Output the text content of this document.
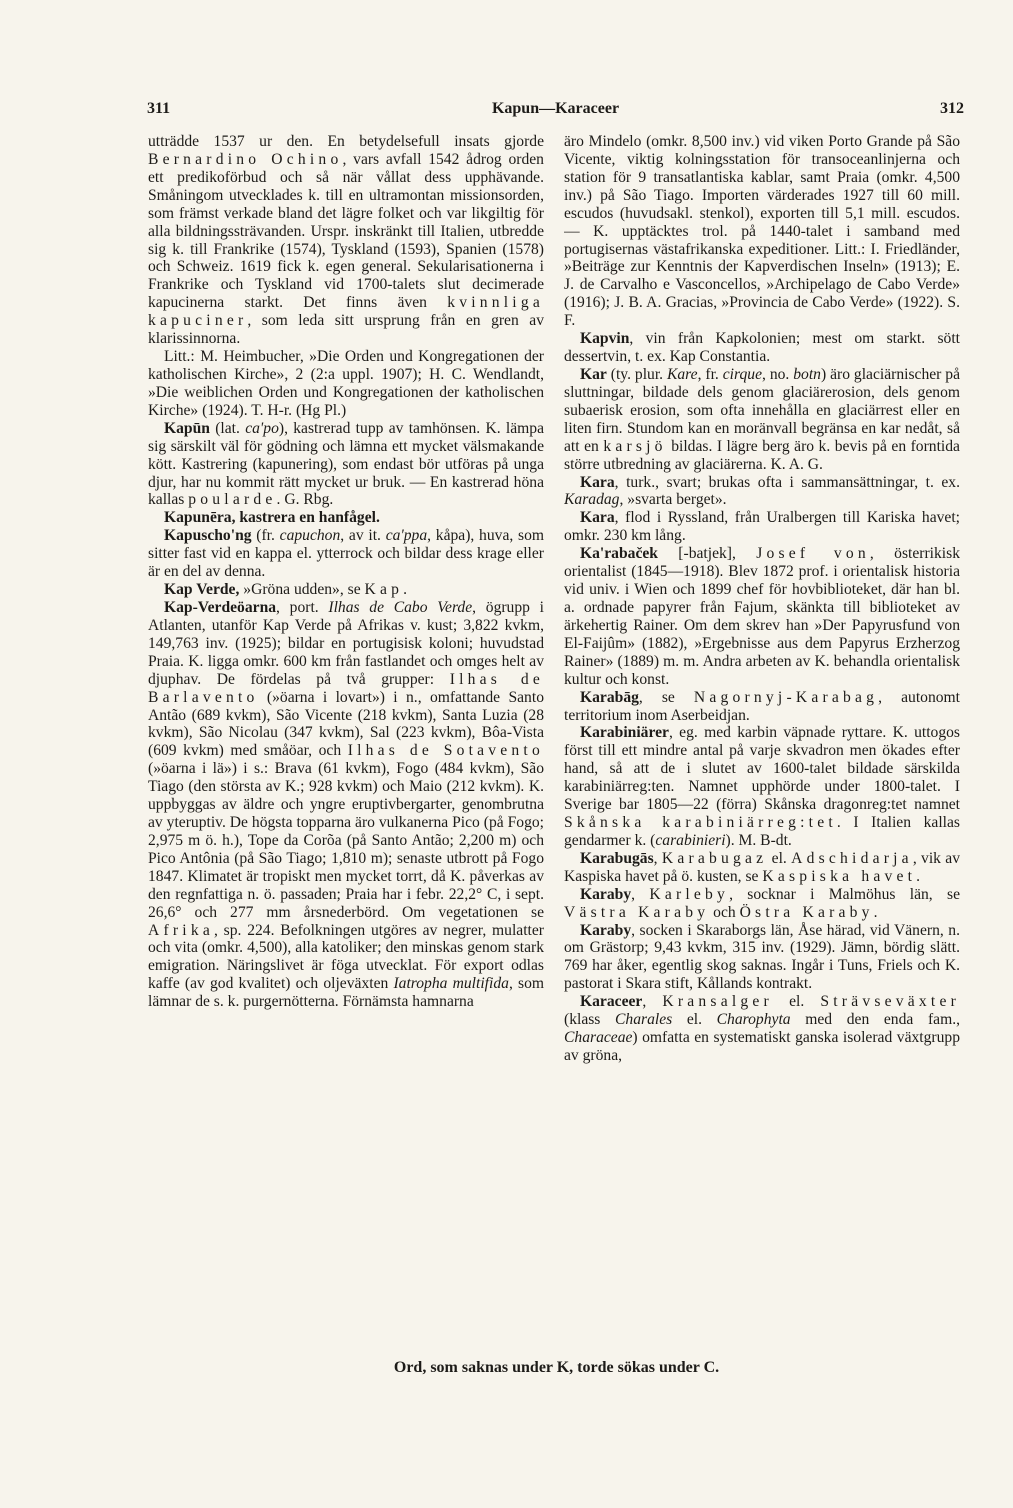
311	Kapun—Karaceer	312

utträdde 1537 ur den. En betydelsefull insats gjorde Bernardino Ochino, vars avfall 1542 ådrog orden ett predikoförbud och så när vållat dess upphävande. Småningom utvecklades k. till en ultramontan missionsorden, som främst verkade bland det lägre folket och var likgiltig för alla bildningssträvanden. Urspr. inskränkt till Italien, utbredde sig k. till Frankrike (1574), Tyskland (1593), Spanien (1578) och Schweiz. 1619 fick k. egen general. Sekularisationerna i Frankrike och Tyskland vid 1700-talets slut decimerade kapucinerna starkt. Det finns även kvinnliga kapuciner, som leda sitt ursprung från en gren av klarissinnorna.

Litt.: M. Heimbucher, »Die Orden und Kongregationen der katholischen Kirche», 2 (2:a uppl. 1907); H. C. Wendlandt, »Die weiblichen Orden und Kongregationen der katholischen Kirche» (1924). T. H-r. (Hg Pl.)

Kapūn (lat. ca'po), kastrerad tupp av tamhönsen. K. lämpa sig särskilt väl för gödning och lämna ett mycket välsmakande kött. Kastrering (kapunering), som endast bör utföras på unga djur, har nu kommit rätt mycket ur bruk. — En kastrerad höna kallas poularde. G. Rbg.

Kapunēra, kastrera en hanfågel.

Kapuscho'ng (fr. capuchon, av it. ca'ppa, kåpa), huva, som sitter fast vid en kappa el. ytterrock och bildar dess krage eller är en del av denna.

Kap Verde, »Gröna udden», se Kap.

Kap-Verdeöarna, port. Ilhas de Cabo Verde, ögrupp i Atlanten, utanför Kap Verde på Afrikas v. kust; 3,822 kvkm, 149,763 inv. (1925); bildar en portugisisk koloni; huvudstad Praia. K. ligga omkr. 600 km från fastlandet och omges helt av djuphav. De fördelas på två grupper: Ilhas de Barlavento (»öarna i lovart») i n., omfattande Santo Antão (689 kvkm), São Vicente (218 kvkm), Santa Luzia (28 kvkm), São Nicolau (347 kvkm), Sal (223 kvkm), Bôa-Vista (609 kvkm) med småöar, och Ilhas de Sotavento (»öarna i lä») i s.: Brava (61 kvkm), Fogo (484 kvkm), São Tiago (den största av K.; 928 kvkm) och Maio (212 kvkm). K. uppbyggas av äldre och yngre eruptivbergarter, genombrutna av yteruptiv. De högsta topparna äro vulkanerna Pico (på Fogo; 2,975 m ö. h.), Tope da Corõa (på Santo Antão; 2,200 m) och Pico Antônia (på São Tiago; 1,810 m); senaste utbrott på Fogo 1847. Klimatet är tropiskt men mycket torrt, då K. påverkas av den regnfattiga n. ö. passaden; Praia har i febr. 22,2° C, i sept. 26,6° och 277 mm årsnederbörd. Om vegetationen se Afrika, sp. 224. Befolkningen utgöres av negrer, mulatter och vita (omkr. 4,500), alla katoliker; den minskas genom stark emigration. Näringslivet är föga utvecklat. För export odlas kaffe (av god kvalitet) och oljeväxten Iatropha multifida, som lämnar de s. k. purgernötterna. Förnämsta hamnarna

äro Mindelo (omkr. 8,500 inv.) vid viken Porto Grande på São Vicente, viktig kolningsstation för transoceanlinjerna och station för 9 transatlantiska kablar, samt Praia (omkr. 4,500 inv.) på São Tiago. Importen värderades 1927 till 60 mill. escudos (huvudsakl. stenkol), exporten till 5,1 mill. escudos. — K. upptäcktes trol. på 1440-talet i samband med portugisernas västafrikanska expeditioner. Litt.: I. Friedländer, »Beiträge zur Kenntnis der Kapverdischen Inseln» (1913); E. J. de Carvalho e Vasconcellos, »Archipelago de Cabo Verde» (1916); J. B. A. Gracias, »Provincia de Cabo Verde» (1922). S. F.

Kapvin, vin från Kapkolonien; mest om starkt. sött dessertvin, t. ex. Kap Constantia.

Kar (ty. plur. Kare, fr. cirque, no. botn) äro glaciärnischer på sluttningar, bildade dels genom glaciärerosion, dels genom subaerisk erosion, som ofta innehålla en glaciärrest eller en liten firn. Stundom kan en moränvall begränsa en kar nedåt, så att en karsjö bildas. I lägre berg äro k. bevis på en forntida större utbredning av glaciärerna. K. A. G.

Kara, turk., svart; brukas ofta i sammansättningar, t. ex. Karadag, »svarta berget».

Kara, flod i Ryssland, från Uralbergen till Kariska havet; omkr. 230 km lång.

Ka'rabaček [-batjek], Josef von, österrikisk orientalist (1845—1918). Blev 1872 prof. i orientalisk historia vid univ. i Wien och 1899 chef för hovbiblioteket, där han bl. a. ordnade papyrer från Fajum, skänkta till biblioteket av ärkehertig Rainer. Om dem skrev han »Der Papyrusfund von El-Faijûm» (1882), »Ergebnisse aus dem Papyrus Erzherzog Rainer» (1889) m. m. Andra arbeten av K. behandla orientalisk kultur och konst.

Karabāg, se Nagornyj-Karabag, autonomt territorium inom Aserbeidjan.

Karabiniärer, eg. med karbin väpnade ryttare. K. uttogos först till ett mindre antal på varje skvadron men ökades efter hand, så att de i slutet av 1600-talet bildade särskilda karabiniärreg:ten. Namnet upphörde under 1800-talet. I Sverige bar 1805—22 (förra) Skånska dragonreg:tet namnet Skånska karabiniärreg:tet. I Italien kallas gendarmer k. (carabinieri). M. B-dt.

Karabugās, Karabugaz el. Adschidarja, vik av Kaspiska havet på ö. kusten, se Kaspiska havet.

Karaby, Karleby, socknar i Malmöhus län, se Västra Karaby och Östra Karaby.

Karaby, socken i Skaraborgs län, Åse härad, vid Vänern, n. om Grästorp; 9,43 kvkm, 315 inv. (1929). Jämn, bördig slätt. 769 har åker, egentlig skog saknas. Ingår i Tuns, Friels och K. pastorat i Skara stift, Kållands kontrakt.

Karaceer, Kransalger el. Strävseväxter (klass Charales el. Charophyta med den enda fam., Characeae) omfatta en systematiskt ganska isolerad växtgrupp av gröna,

Ord, som saknas under K, torde sökas under C.
